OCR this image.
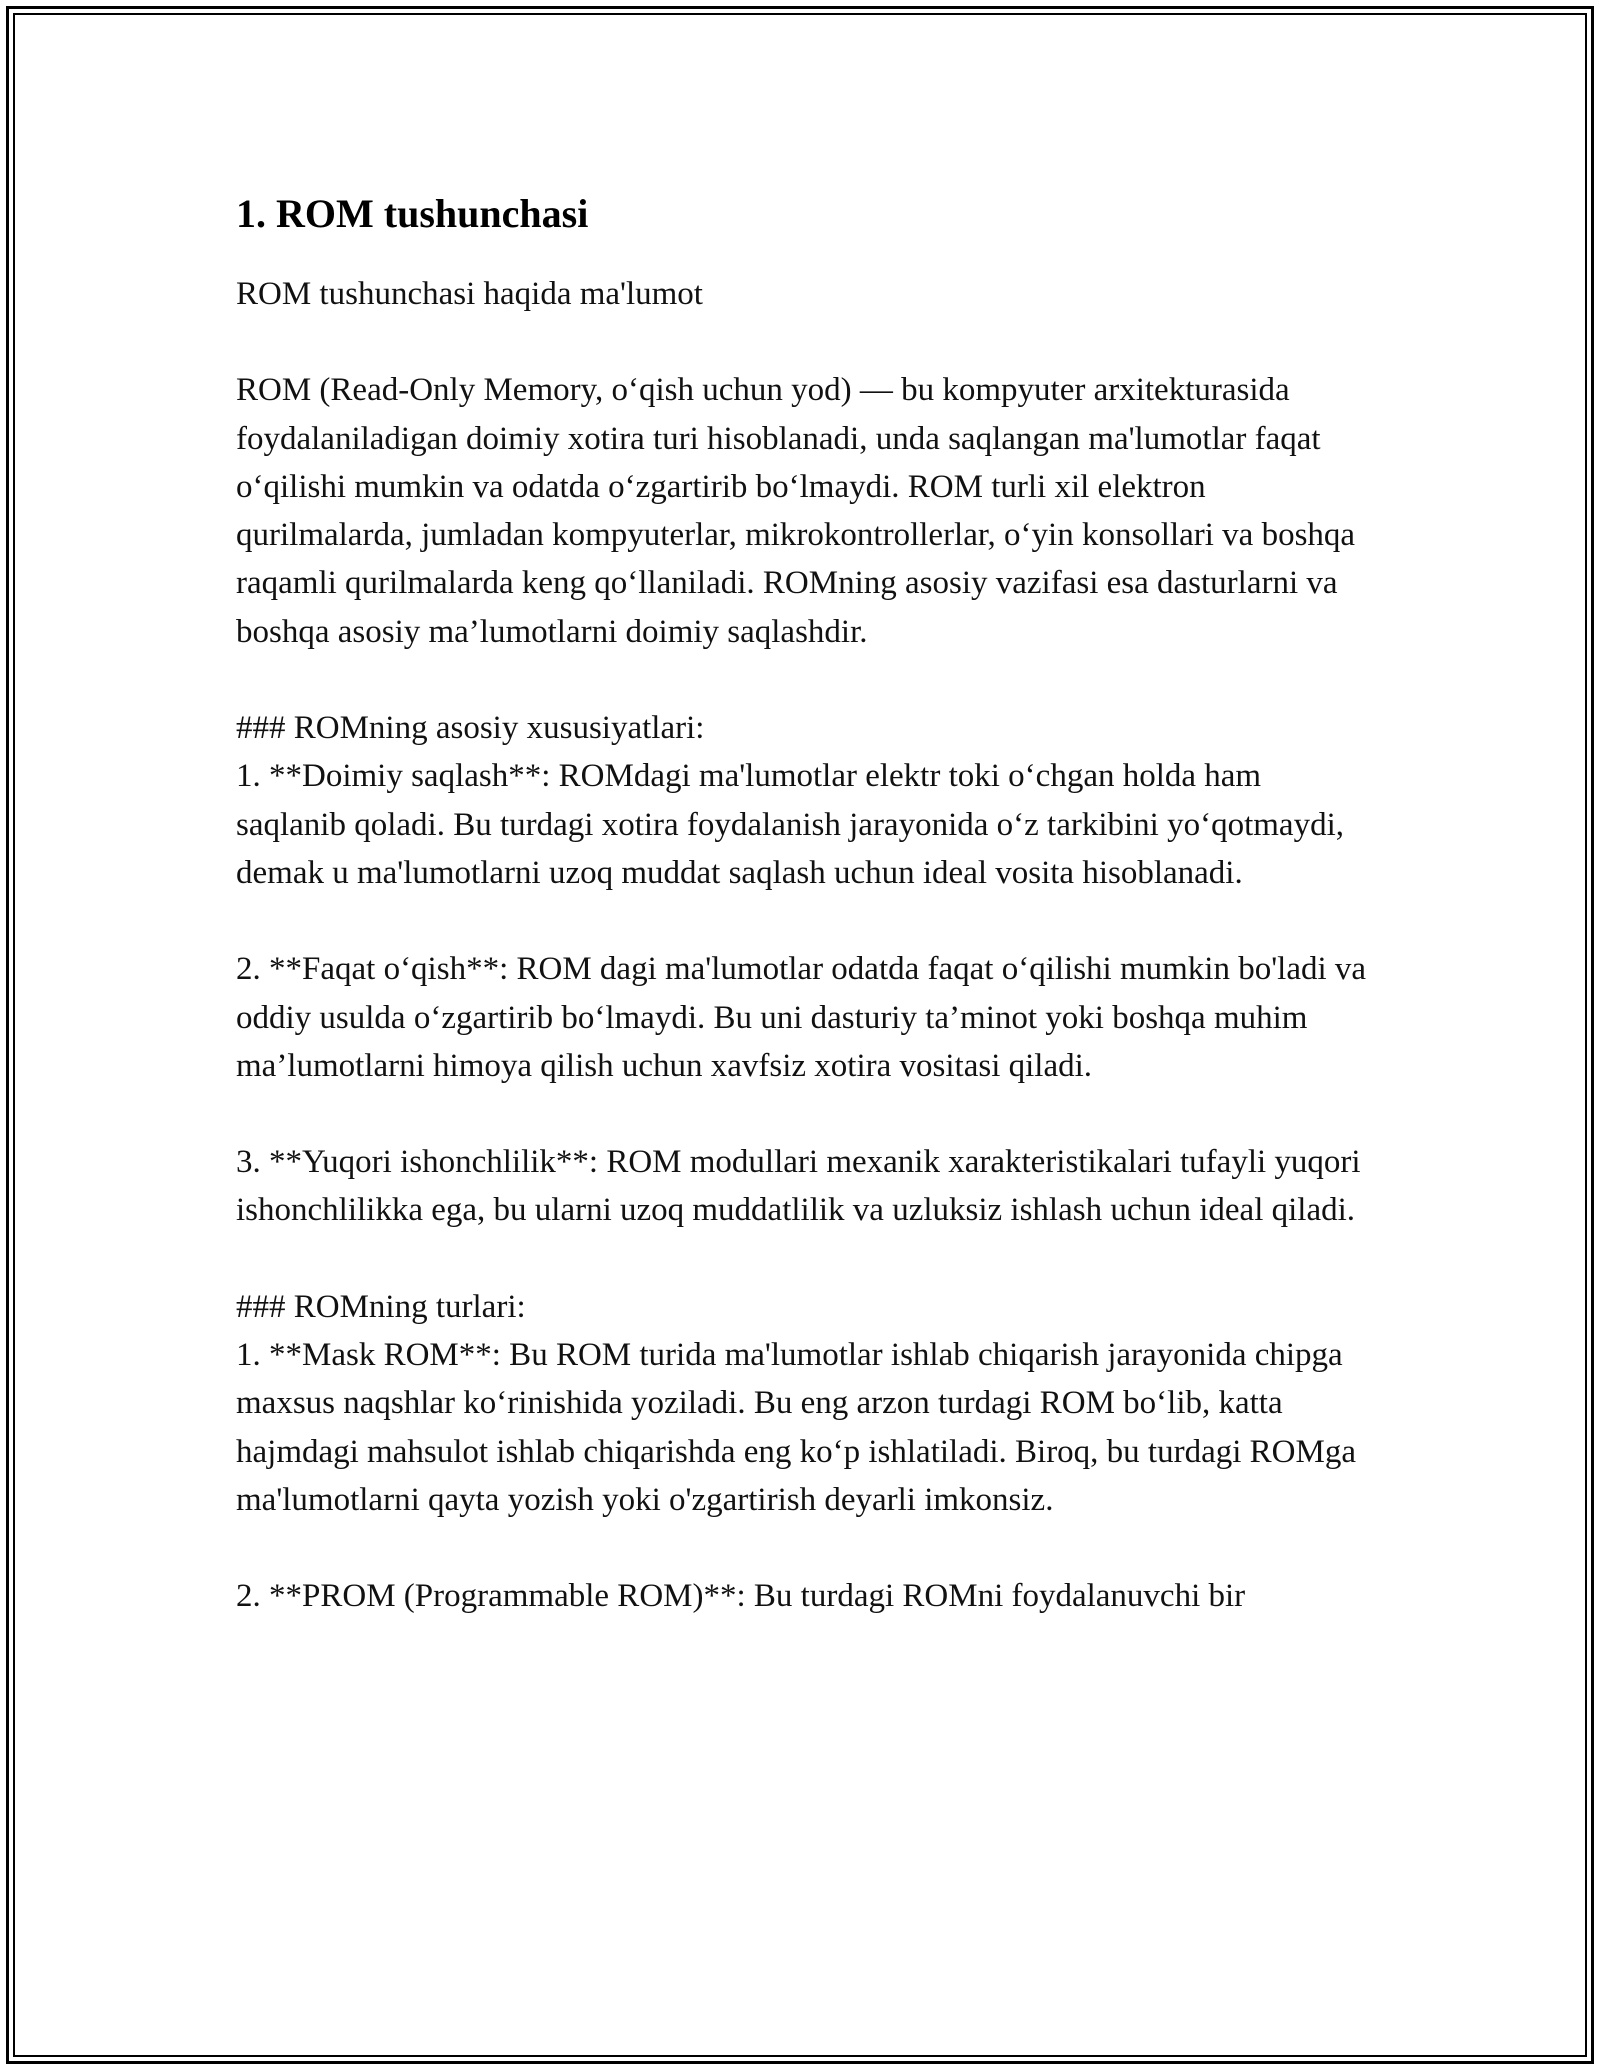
1. ROM tushunchasi

ROM tushunchasi haqida ma'lumot

ROM (Read-Only Memory, o‘qish uchun yod) — bu kompyuter arxitekturasida foydalaniladigan doimiy xotira turi hisoblanadi, unda saqlangan ma'lumotlar faqat o‘qilishi mumkin va odatda o‘zgartirib bo‘lmaydi. ROM turli xil elektron qurilmalarda, jumladan kompyuterlar, mikrokontrollerlar, o‘yin konsollari va boshqa raqamli qurilmalarda keng qo‘llaniladi. ROMning asosiy vazifasi esa dasturlarni va boshqa asosiy ma’lumotlarni doimiy saqlashdir.

### ROMning asosiy xususiyatlari:

1. **Doimiy saqlash**: ROMdagi ma'lumotlar elektr toki o‘chgan holda ham saqlanib qoladi. Bu turdagi xotira foydalanish jarayonida o‘z tarkibini yo‘qotmaydi, demak u ma'lumotlarni uzoq muddat saqlash uchun ideal vosita hisoblanadi.

2. **Faqat o‘qish**: ROM dagi ma'lumotlar odatda faqat o‘qilishi mumkin bo'ladi va oddiy usulda o‘zgartirib bo‘lmaydi. Bu uni dasturiy ta’minot yoki boshqa muhim ma’lumotlarni himoya qilish uchun xavfsiz xotira vositasi qiladi.

3. **Yuqori ishonchlilik**: ROM modullari mexanik xarakteristikalari tufayli yuqori ishonchlilikka ega, bu ularni uzoq muddatlilik va uzluksiz ishlash uchun ideal qiladi.

### ROMning turlari:

1. **Mask ROM**: Bu ROM turida ma'lumotlar ishlab chiqarish jarayonida chipga maxsus naqshlar ko‘rinishida yoziladi. Bu eng arzon turdagi ROM bo‘lib, katta hajmdagi mahsulot ishlab chiqarishda eng ko‘p ishlatiladi. Biroq, bu turdagi ROMga ma'lumotlarni qayta yozish yoki o'zgartirish deyarli imkonsiz.

2. **PROM (Programmable ROM)**: Bu turdagi ROMni foydalanuvchi bir
